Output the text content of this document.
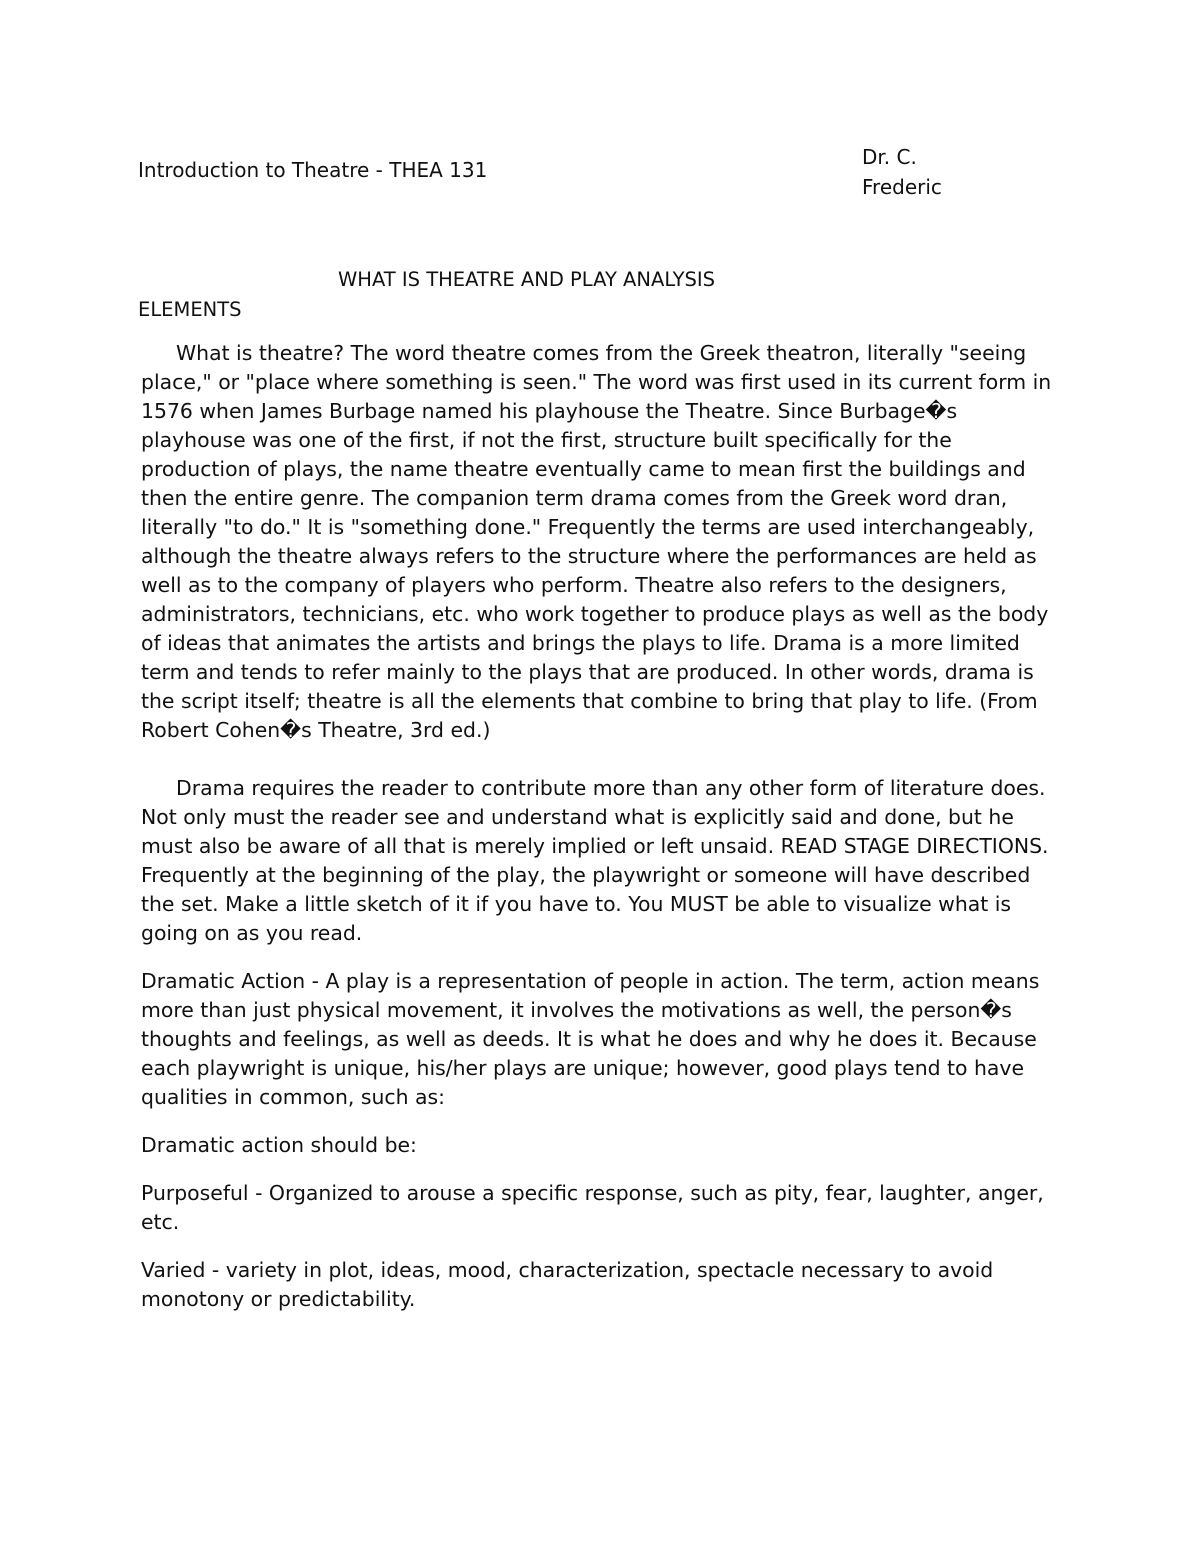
Introduction to Theatre - THEA 131
Dr. C.
Frederic
WHAT IS THEATRE AND PLAY ANALYSIS
ELEMENTS

What is theatre? The word theatre comes from the Greek theatron, literally "seeing place," or "place where something is seen." The word was first used in its current form in 1576 when James Burbage named his playhouse the Theatre. Since Burbage�s playhouse was one of the first, if not the first, structure built specifically for the production of plays, the name theatre eventually came to mean first the buildings and then the entire genre. The companion term drama comes from the Greek word dran, literally "to do." It is "something done." Frequently the terms are used interchangeably, although the theatre always refers to the structure where the performances are held as well as to the company of players who perform. Theatre also refers to the designers, administrators, technicians, etc. who work together to produce plays as well as the body of ideas that animates the artists and brings the plays to life. Drama is a more limited term and tends to refer mainly to the plays that are produced. In other words, drama is the script itself; theatre is all the elements that combine to bring that play to life. (From Robert Cohen�s Theatre, 3rd ed.)

Drama requires the reader to contribute more than any other form of literature does. Not only must the reader see and understand what is explicitly said and done, but he must also be aware of all that is merely implied or left unsaid. READ STAGE DIRECTIONS. Frequently at the beginning of the play, the playwright or someone will have described the set. Make a little sketch of it if you have to. You MUST be able to visualize what is going on as you read.

Dramatic Action - A play is a representation of people in action. The term, action means more than just physical movement, it involves the motivations as well, the person�s thoughts and feelings, as well as deeds. It is what he does and why he does it. Because each playwright is unique, his/her plays are unique; however, good plays tend to have qualities in common, such as:

Dramatic action should be:

Purposeful - Organized to arouse a specific response, such as pity, fear, laughter, anger, etc.

Varied - variety in plot, ideas, mood, characterization, spectacle necessary to avoid monotony or predictability.
